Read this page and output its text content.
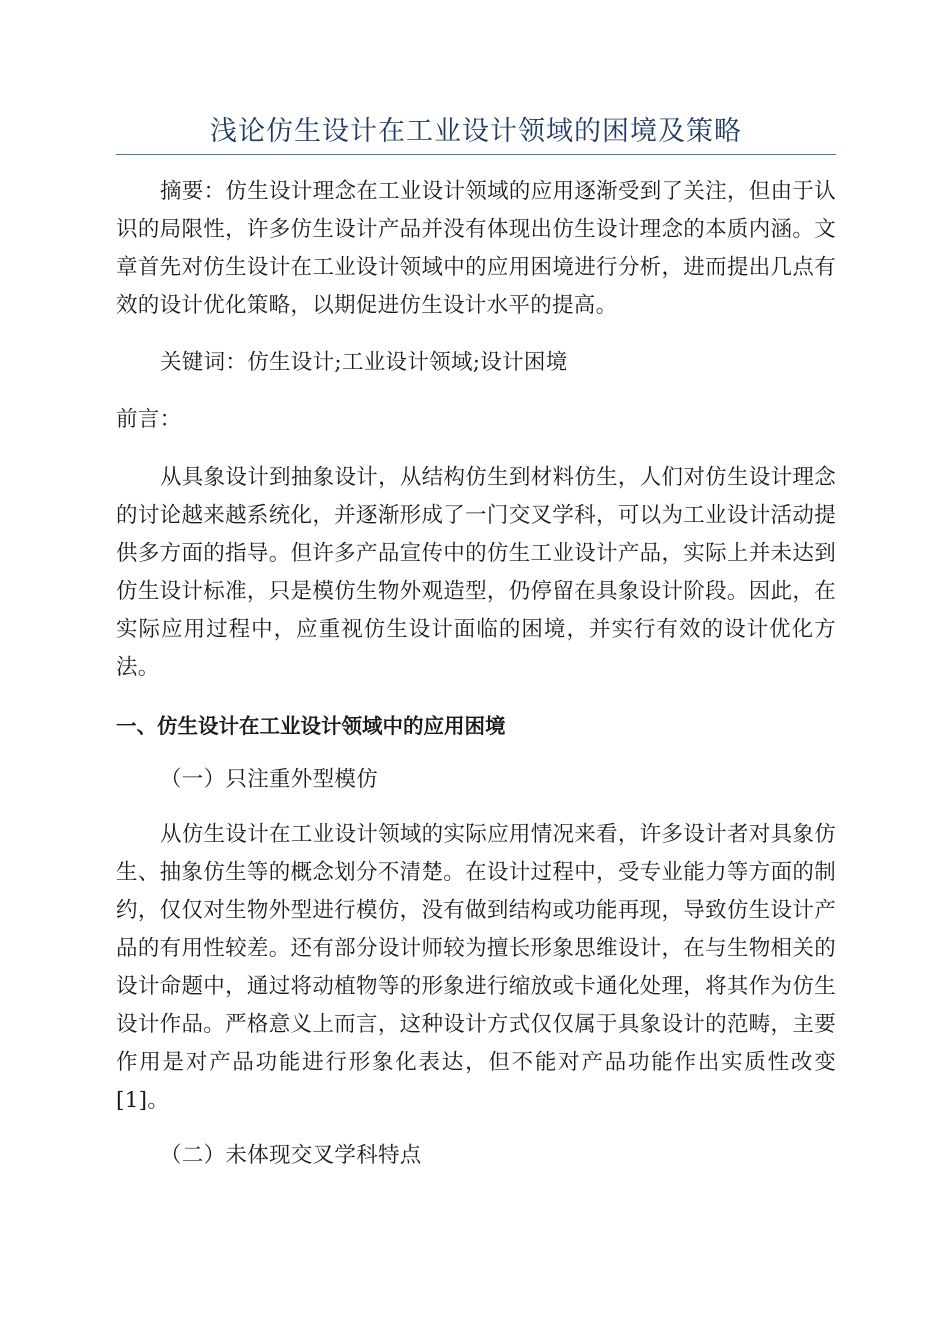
浅论仿生设计在工业设计领域的困境及策略

摘要：仿生设计理念在工业设计领域的应用逐渐受到了关注，但由于认识的局限性，许多仿生设计产品并没有体现出仿生设计理念的本质内涵。文章首先对仿生设计在工业设计领域中的应用困境进行分析，进而提出几点有效的设计优化策略，以期促进仿生设计水平的提高。

关键词：仿生设计;工业设计领域;设计困境

前言：

从具象设计到抽象设计，从结构仿生到材料仿生，人们对仿生设计理念的讨论越来越系统化，并逐渐形成了一门交叉学科，可以为工业设计活动提供多方面的指导。但许多产品宣传中的仿生工业设计产品，实际上并未达到仿生设计标准，只是模仿生物外观造型，仍停留在具象设计阶段。因此，在实际应用过程中，应重视仿生设计面临的困境，并实行有效的设计优化方法。

一、仿生设计在工业设计领域中的应用困境

（一）只注重外型模仿

从仿生设计在工业设计领域的实际应用情况来看，许多设计者对具象仿生、抽象仿生等的概念划分不清楚。在设计过程中，受专业能力等方面的制约，仅仅对生物外型进行模仿，没有做到结构或功能再现，导致仿生设计产品的有用性较差。还有部分设计师较为擅长形象思维设计，在与生物相关的设计命题中，通过将动植物等的形象进行缩放或卡通化处理，将其作为仿生设计作品。严格意义上而言，这种设计方式仅仅属于具象设计的范畴，主要作用是对产品功能进行形象化表达，但不能对产品功能作出实质性改变[1]。

（二）未体现交叉学科特点
